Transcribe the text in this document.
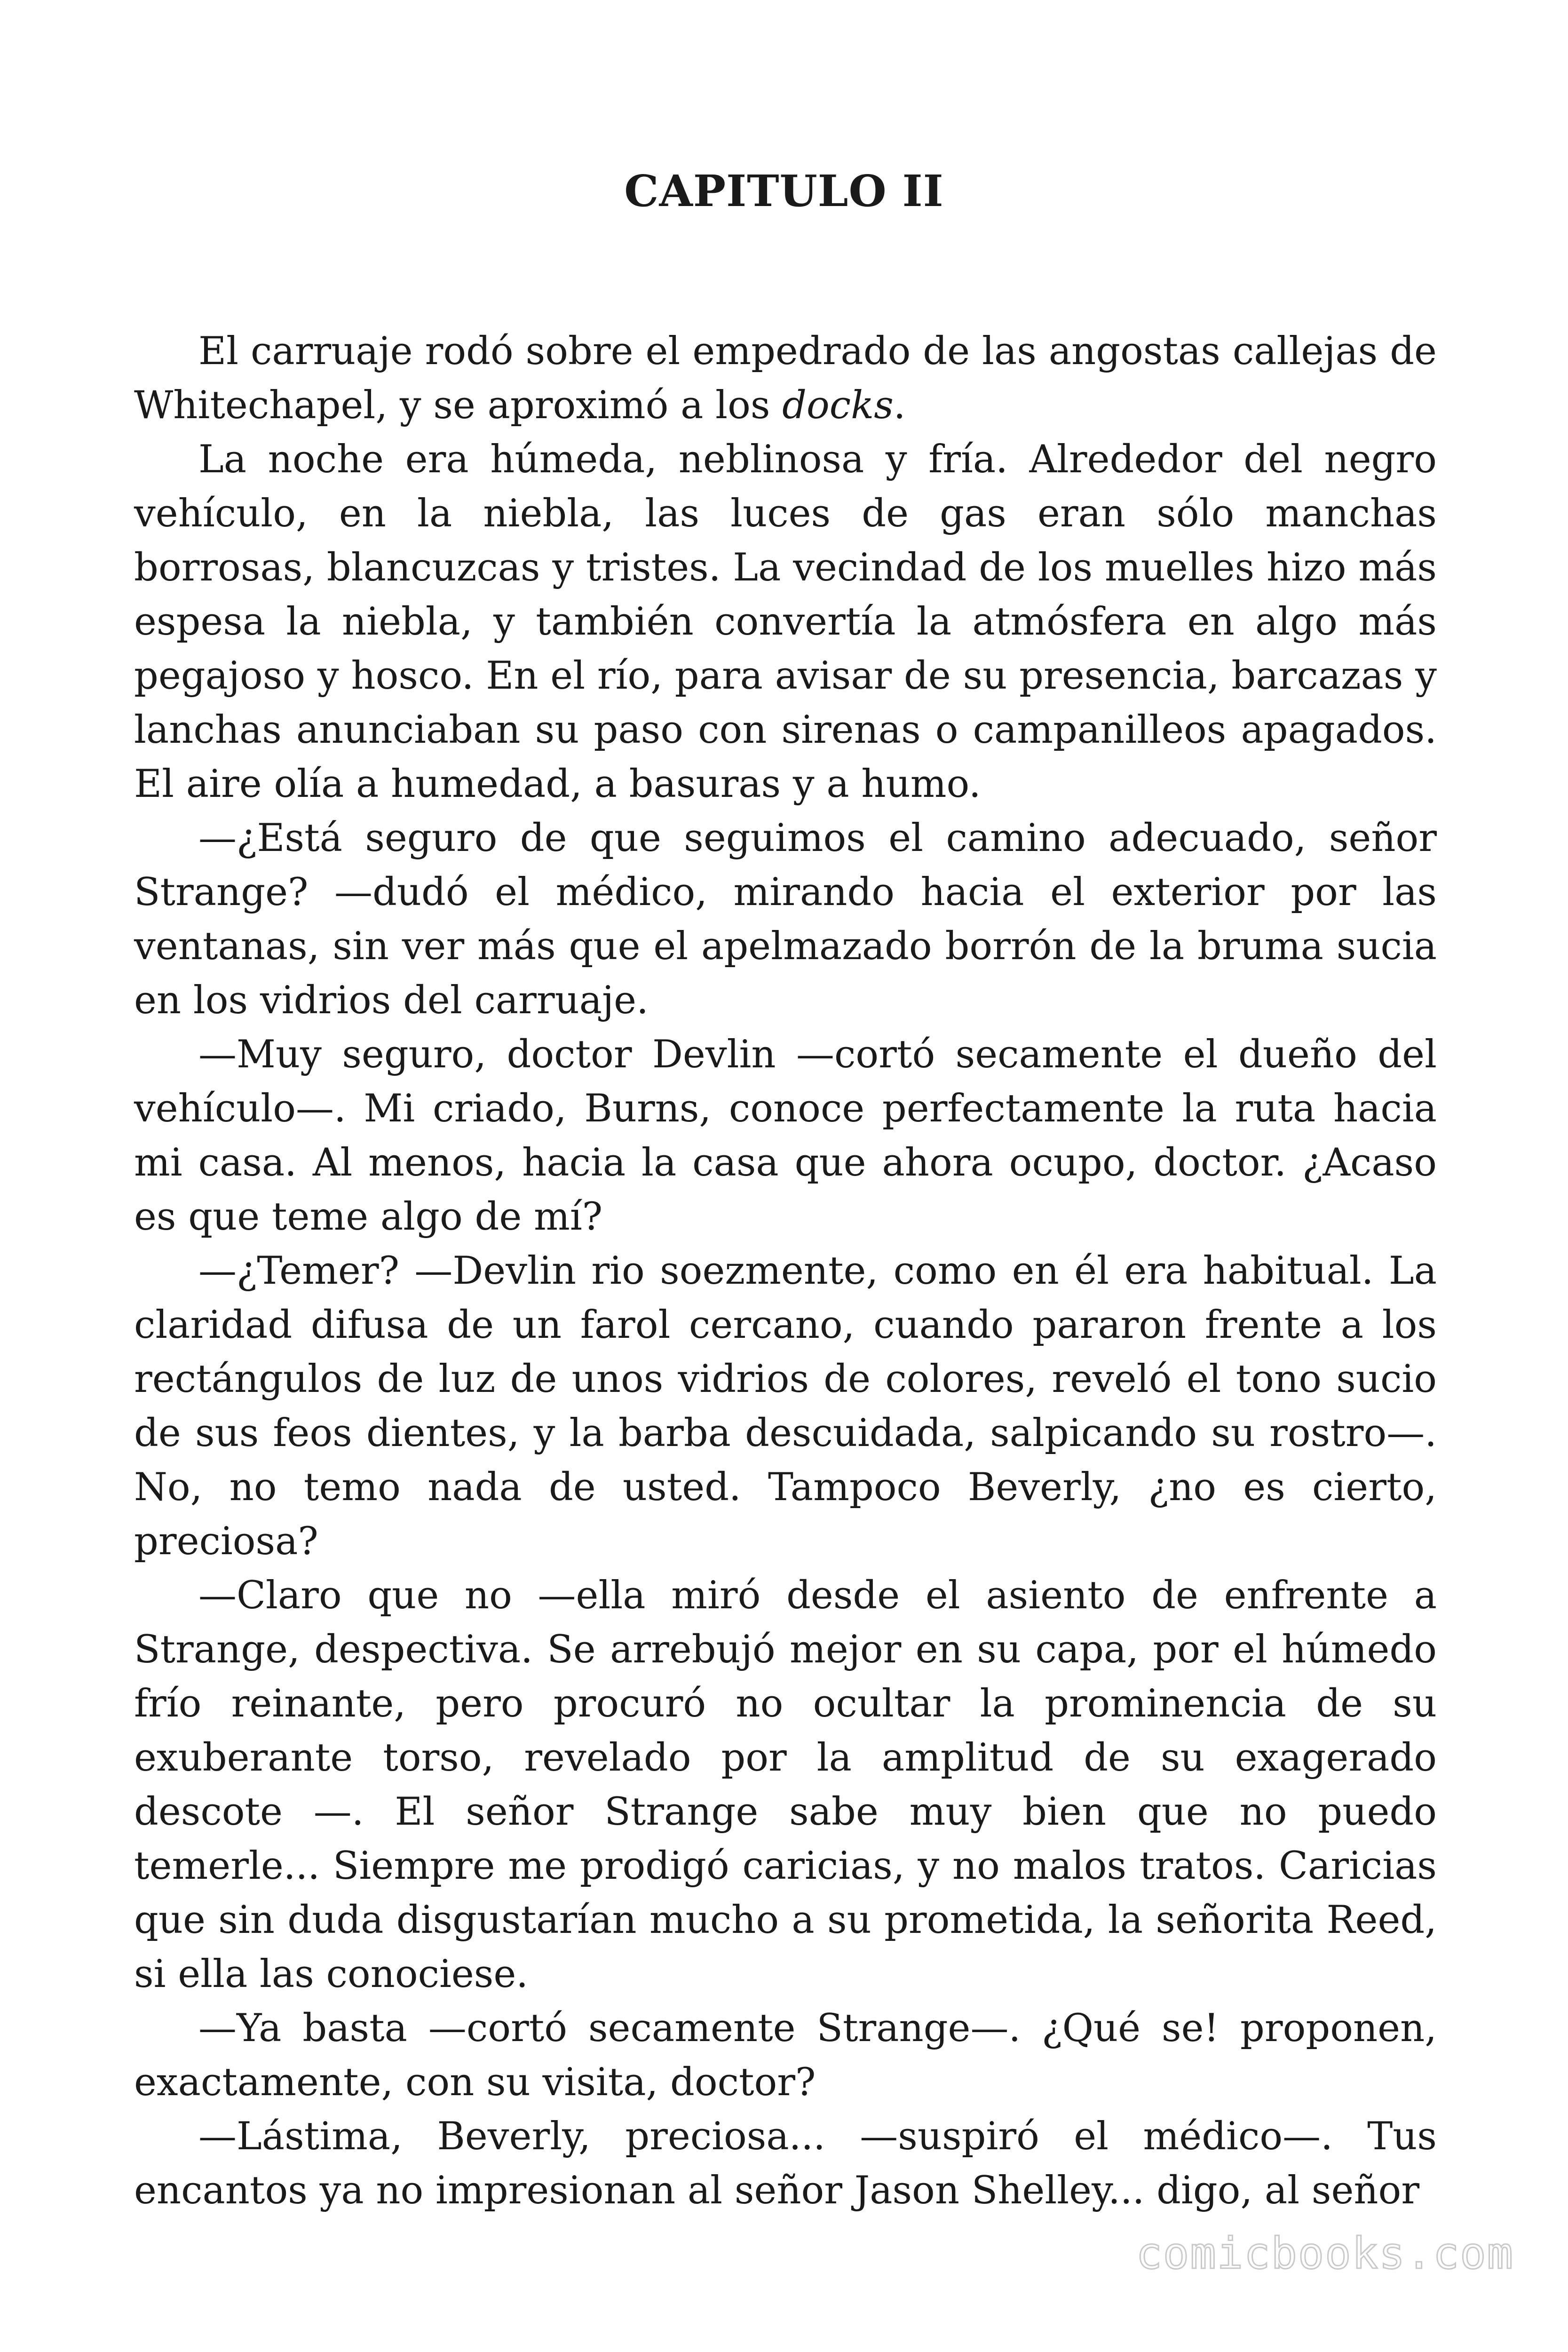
CAPITULO II

El carruaje rodó sobre el empedrado de las angostas callejas de Whitechapel, y se aproximó a los docks.

La noche era húmeda, neblinosa y fría. Alrededor del negro vehículo, en la niebla, las luces de gas eran sólo manchas borrosas, blancuzcas y tristes. La vecindad de los muelles hizo más espesa la niebla, y también convertía la atmósfera en algo más pegajoso y hosco. En el río, para avisar de su presencia, barcazas y lanchas anunciaban su paso con sirenas o campanilleos apagados. El aire olía a humedad, a basuras y a humo.

—¿Está seguro de que seguimos el camino adecuado, señor Strange? —dudó el médico, mirando hacia el exterior por las ventanas, sin ver más que el apelmazado borrón de la bruma sucia en los vidrios del carruaje.

—Muy seguro, doctor Devlin —cortó secamente el dueño del vehículo—. Mi criado, Burns, conoce perfectamente la ruta hacia mi casa. Al menos, hacia la casa que ahora ocupo, doctor. ¿Acaso es que teme algo de mí?

—¿Temer? —Devlin rio soezmente, como en él era habitual. La claridad difusa de un farol cercano, cuando pararon frente a los rectángulos de luz de unos vidrios de colores, reveló el tono sucio de sus feos dientes, y la barba descuidada, salpicando su rostro—. No, no temo nada de usted. Tampoco Beverly, ¿no es cierto, preciosa?

—Claro que no —ella miró desde el asiento de enfrente a Strange, despectiva. Se arrebujó mejor en su capa, por el húmedo frío reinante, pero procuró no ocultar la prominencia de su exuberante torso, revelado por la amplitud de su exagerado descote —. El señor Strange sabe muy bien que no puedo temerle... Siempre me prodigó caricias, y no malos tratos. Caricias que sin duda disgustarían mucho a su prometida, la señorita Reed, si ella las conociese.

—Ya basta —cortó secamente Strange—. ¿Qué se! proponen, exactamente, con su visita, doctor?

—Lástima, Beverly, preciosa... —suspiró el médico—. Tus encantos ya no impresionan al señor Jason Shelley... digo, al señor

comicbooks.com
